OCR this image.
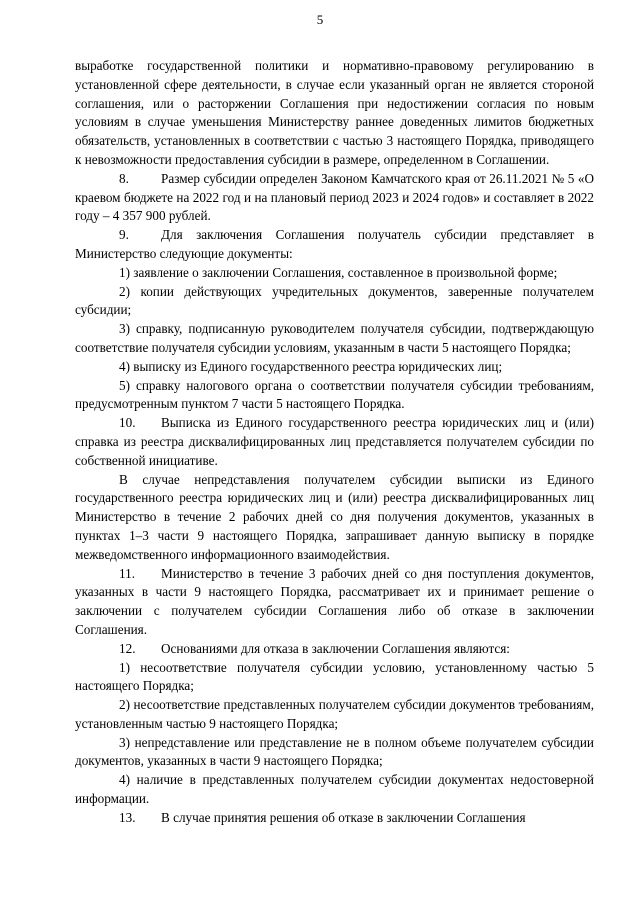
5

выработке государственной политики и нормативно-правовому регулированию в установленной сфере деятельности, в случае если указанный орган не является стороной соглашения, или о расторжении Соглашения при недостижении согласия по новым условиям в случае уменьшения Министерству раннее доведенных лимитов бюджетных обязательств, установленных в соответствии с частью 3 настоящего Порядка, приводящего к невозможности предоставления субсидии в размере, определенном в Соглашении.

8. Размер субсидии определен Законом Камчатского края от 26.11.2021 № 5 «О краевом бюджете на 2022 год и на плановый период 2023 и 2024 годов» и составляет в 2022 году – 4 357 900 рублей.

9. Для заключения Соглашения получатель субсидии представляет в Министерство следующие документы:

1) заявление о заключении Соглашения, составленное в произвольной форме;

2) копии действующих учредительных документов, заверенные получателем субсидии;

3) справку, подписанную руководителем получателя субсидии, подтверждающую соответствие получателя субсидии условиям, указанным в части 5 настоящего Порядка;

4) выписку из Единого государственного реестра юридических лиц;

5) справку налогового органа о соответствии получателя субсидии требованиям, предусмотренным пунктом 7 части 5 настоящего Порядка.

10. Выписка из Единого государственного реестра юридических лиц и (или) справка из реестра дисквалифицированных лиц представляется получателем субсидии по собственной инициативе.

В случае непредставления получателем субсидии выписки из Единого государственного реестра юридических лиц и (или) реестра дисквалифицированных лиц Министерство в течение 2 рабочих дней со дня получения документов, указанных в пунктах 1–3 части 9 настоящего Порядка, запрашивает данную выписку в порядке межведомственного информационного взаимодействия.

11. Министерство в течение 3 рабочих дней со дня поступления документов, указанных в части 9 настоящего Порядка, рассматривает их и принимает решение о заключении с получателем субсидии Соглашения либо об отказе в заключении Соглашения.

12. Основаниями для отказа в заключении Соглашения являются:

1) несоответствие получателя субсидии условию, установленному частью 5 настоящего Порядка;

2) несоответствие представленных получателем субсидии документов требованиям, установленным частью 9 настоящего Порядка;

3) непредставление или представление не в полном объеме получателем субсидии документов, указанных в части 9 настоящего Порядка;

4) наличие в представленных получателем субсидии документах недостоверной информации.

13. В случае принятия решения об отказе в заключении Соглашения
